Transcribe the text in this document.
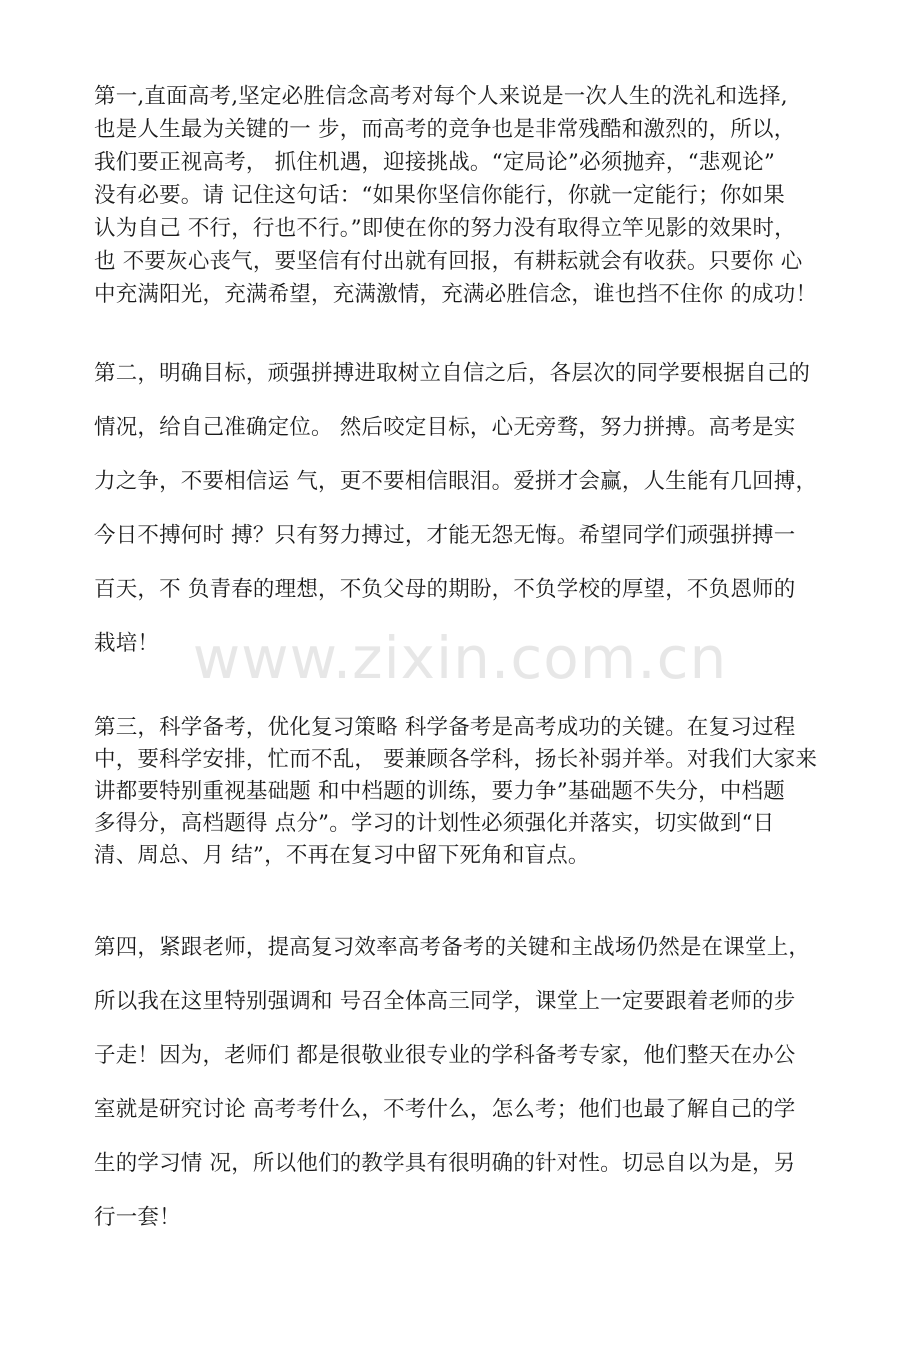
第一,直面高考,坚定必胜信念高考对每个人来说是一次人生的洗礼和选择,
也是人生最为关键的一 步，而高考的竞争也是非常残酷和激烈的，所以，
我们要正视高考， 抓住机遇，迎接挑战。“定局论”必须抛弃，“悲观论”
没有必要。请 记住这句话：“如果你坚信你能行，你就一定能行；你如果
认为自己 不行，行也不行。”即使在你的努力没有取得立竿见影的效果时，
也 不要灰心丧气，要坚信有付出就有回报，有耕耘就会有收获。只要你 心
中充满阳光，充满希望，充满激情，充满必胜信念，谁也挡不住你 的成功！

第二，明确目标，顽强拼搏进取树立自信之后，各层次的同学要根据自己的
情况，给自己准确定位。 然后咬定目标，心无旁骛，努力拼搏。高考是实
力之争，不要相信运 气，更不要相信眼泪。爱拼才会赢，人生能有几回搏，
今日不搏何时 搏？只有努力搏过，才能无怨无悔。希望同学们顽强拼搏一
百天，不 负青春的理想，不负父母的期盼，不负学校的厚望，不负恩师的
栽培！ www.zixin.com.cn

第三，科学备考，优化复习策略 科学备考是高考成功的关键。在复习过程
中，要科学安排，忙而不乱， 要兼顾各学科，扬长补弱并举。对我们大家来
讲都要特别重视基础题 和中档题的训练，要力争”基础题不失分，中档题
多得分，高档题得 点分”。学习的计划性必须强化并落实，切实做到“日
清、周总、月 结”，不再在复习中留下死角和盲点。

第四，紧跟老师，提高复习效率高考备考的关键和主战场仍然是在课堂上，
所以我在这里特别强调和 号召全体高三同学，课堂上一定要跟着老师的步
子走！因为，老师们 都是很敬业很专业的学科备考专家，他们整天在办公
室就是研究讨论 高考考什么，不考什么，怎么考；他们也最了解自己的学
生的学习情 况，所以他们的教学具有很明确的针对性。切忌自以为是，另
行一套！
